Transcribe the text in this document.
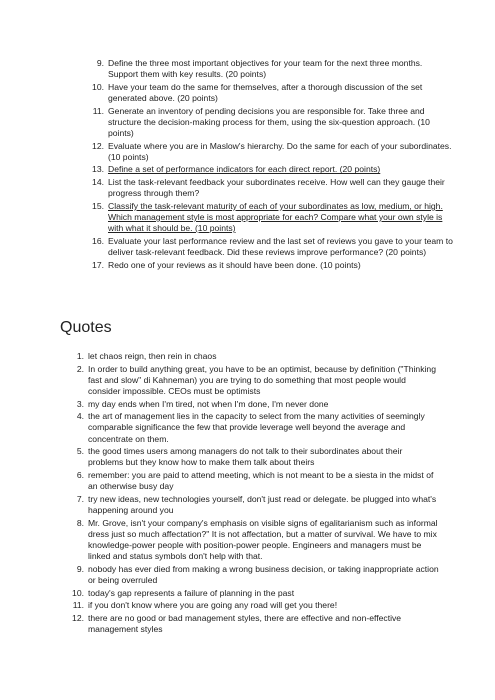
9. Define the three most important objectives for your team for the next three months. Support them with key results. (20 points)
10. Have your team do the same for themselves, after a thorough discussion of the set generated above. (20 points)
11. Generate an inventory of pending decisions you are responsible for. Take three and structure the decision-making process for them, using the six-question approach. (10 points)
12. Evaluate where you are in Maslow's hierarchy. Do the same for each of your subordinates. (10 points)
13. Define a set of performance indicators for each direct report. (20 points)
14. List the task-relevant feedback your subordinates receive. How well can they gauge their progress through them?
15. Classify the task-relevant maturity of each of your subordinates as low, medium, or high. Which management style is most appropriate for each? Compare what your own style is with what it should be. (10 points)
16. Evaluate your last performance review and the last set of reviews you gave to your team to deliver task-relevant feedback. Did these reviews improve performance? (20 points)
17. Redo one of your reviews as it should have been done. (10 points)
Quotes
1. let chaos reign, then rein in chaos
2. In order to build anything great, you have to be an optimist, because by definition ("Thinking fast and slow" di Kahneman) you are trying to do something that most people would consider impossible. CEOs must be optimists
3. my day ends when I'm tired, not when I'm done, I'm never done
4. the art of management lies in the capacity to select from the many activities of seemingly comparable significance the few that provide leverage well beyond the average and concentrate on them.
5. the good times users among managers do not talk to their subordinates about their problems but they know how to make them talk about theirs
6. remember: you are paid to attend meeting, which is not meant to be a siesta in the midst of an otherwise busy day
7. try new ideas, new technologies yourself, don't just read or delegate. be plugged into what's happening around you
8. Mr. Grove, isn't your company's emphasis on visible signs of egalitarianism such as informal dress just so much affectation?" It is not affectation, but a matter of survival. We have to mix knowledge-power people with position-power people. Engineers and managers must be linked and status symbols don't help with that.
9. nobody has ever died from making a wrong business decision, or taking inappropriate action or being overruled
10. today's gap represents a failure of planning in the past
11. if you don't know where you are going any road will get you there!
12. there are no good or bad management styles, there are effective and non-effective management styles
